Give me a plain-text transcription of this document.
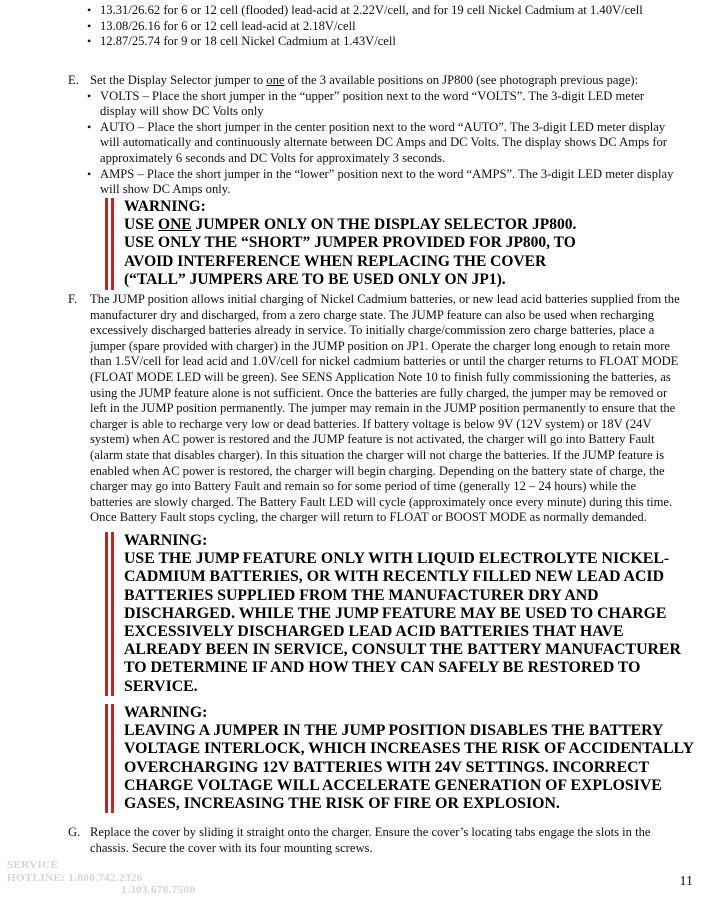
• 13.31/26.62 for 6 or 12 cell (flooded) lead-acid at 2.22V/cell, and for 19 cell Nickel Cadmium at 1.40V/cell
• 13.08/26.16 for 6 or 12 cell lead-acid at 2.18V/cell
• 12.87/25.74 for 9 or 18 cell Nickel Cadmium at 1.43V/cell
E. Set the Display Selector jumper to one of the 3 available positions on JP800 (see photograph previous page):
• VOLTS – Place the short jumper in the “upper” position next to the word “VOLTS”. The 3-digit LED meter display will show DC Volts only
• AUTO – Place the short jumper in the center position next to the word “AUTO”. The 3-digit LED meter display will automatically and continuously alternate between DC Amps and DC Volts. The display shows DC Amps for approximately 6 seconds and DC Volts for approximately 3 seconds.
• AMPS – Place the short jumper in the “lower” position next to the word “AMPS”. The 3-digit LED meter display will show DC Amps only.
WARNING:
USE ONE JUMPER ONLY ON THE DISPLAY SELECTOR JP800. USE ONLY THE “SHORT” JUMPER PROVIDED FOR JP800, TO AVOID INTERFERENCE WHEN REPLACING THE COVER (“TALL” JUMPERS ARE TO BE USED ONLY ON JP1).
F. The JUMP position allows initial charging of Nickel Cadmium batteries, or new lead acid batteries supplied from the manufacturer dry and discharged, from a zero charge state. The JUMP feature can also be used when recharging excessively discharged batteries already in service. To initially charge/commission zero charge batteries, place a jumper (spare provided with charger) in the JUMP position on JP1. Operate the charger long enough to retain more than 1.5V/cell for lead acid and 1.0V/cell for nickel cadmium batteries or until the charger returns to FLOAT MODE (FLOAT MODE LED will be green). See SENS Application Note 10 to finish fully commissioning the batteries, as using the JUMP feature alone is not sufficient. Once the batteries are fully charged, the jumper may be removed or left in the JUMP position permanently. The jumper may remain in the JUMP position permanently to ensure that the charger is able to recharge very low or dead batteries. If battery voltage is below 9V (12V system) or 18V (24V system) when AC power is restored and the JUMP feature is not activated, the charger will go into Battery Fault (alarm state that disables charger). In this situation the charger will not charge the batteries. If the JUMP feature is enabled when AC power is restored, the charger will begin charging. Depending on the battery state of charge, the charger may go into Battery Fault and remain so for some period of time (generally 12 – 24 hours) while the batteries are slowly charged. The Battery Fault LED will cycle (approximately once every minute) during this time. Once Battery Fault stops cycling, the charger will return to FLOAT or BOOST MODE as normally demanded.
WARNING:
USE THE JUMP FEATURE ONLY WITH LIQUID ELECTROLYTE NICKEL-CADMIUM BATTERIES, OR WITH RECENTLY FILLED NEW LEAD ACID BATTERIES SUPPLIED FROM THE MANUFACTURER DRY AND DISCHARGED. WHILE THE JUMP FEATURE MAY BE USED TO CHARGE EXCESSIVELY DISCHARGED LEAD ACID BATTERIES THAT HAVE ALREADY BEEN IN SERVICE, CONSULT THE BATTERY MANUFACTURER TO DETERMINE IF AND HOW THEY CAN SAFELY BE RESTORED TO SERVICE.
WARNING:
LEAVING A JUMPER IN THE JUMP POSITION DISABLES THE BATTERY VOLTAGE INTERLOCK, WHICH INCREASES THE RISK OF ACCIDENTALLY OVERCHARGING 12V BATTERIES WITH 24V SETTINGS. INCORRECT CHARGE VOLTAGE WILL ACCELERATE GENERATION OF EXPLOSIVE GASES, INCREASING THE RISK OF FIRE OR EXPLOSION.
G. Replace the cover by sliding it straight onto the charger. Ensure the cover’s locating tabs engage the slots in the chassis. Secure the cover with its four mounting screws.
SERVICE
HOTLINE: 1.800.742.2326
1.303.678.7500
11
